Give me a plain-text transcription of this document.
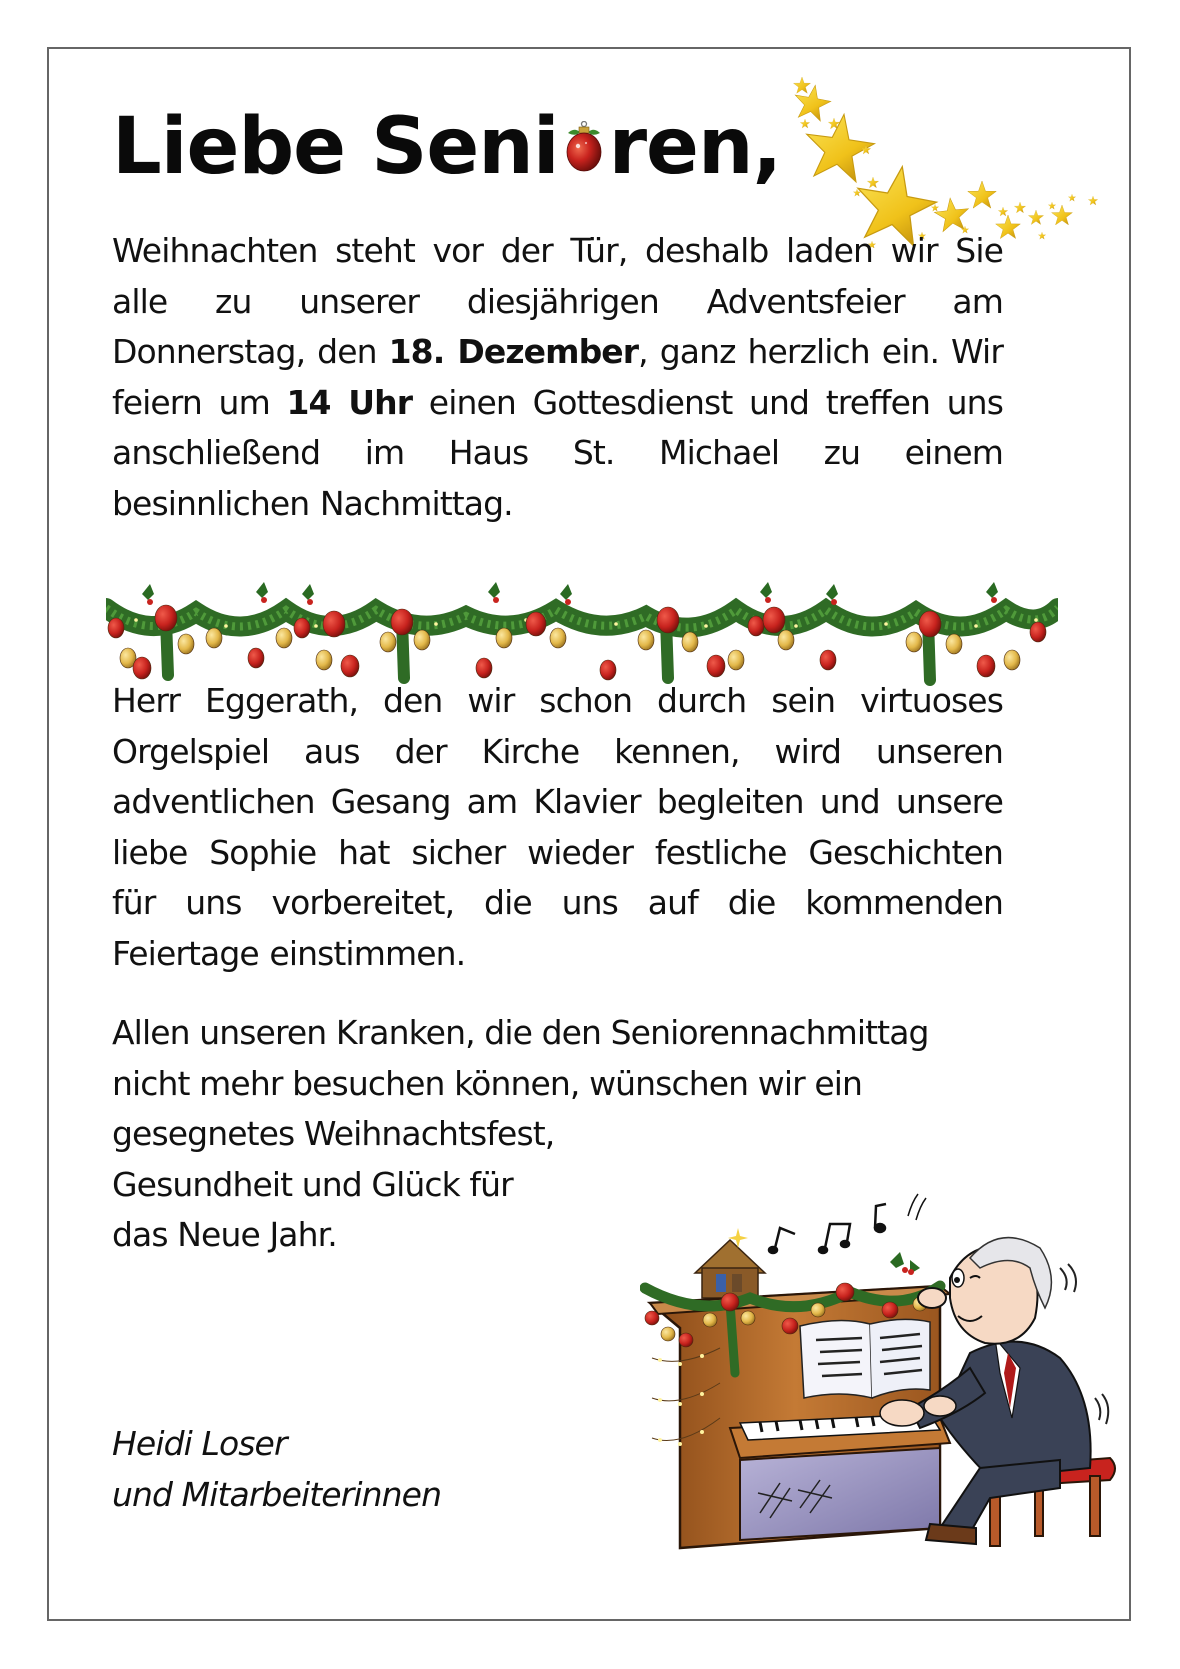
Liebe Seni ren,
Weihnachten steht vor der Tür, deshalb laden wir Sie
alle zu unserer diesjährigen Adventsfeier am
Donnerstag, den 18. Dezember, ganz herzlich ein. Wir
feiern um 14 Uhr einen Gottesdienst und treffen uns
anschließend im Haus St. Michael zu einem
besinnlichen Nachmittag.
Herr Eggerath, den wir schon durch sein virtuoses
Orgelspiel aus der Kirche kennen, wird unseren
adventlichen Gesang am Klavier begleiten und unsere
liebe Sophie hat sicher wieder festliche Geschichten
für uns vorbereitet, die uns auf die kommenden
Feiertage einstimmen.
Allen unseren Kranken, die den Seniorennachmittag
nicht mehr besuchen können, wünschen wir ein
gesegnetes Weihnachtsfest,
Gesundheit und Glück für
das Neue Jahr.
Heidi Loser
und Mitarbeiterinnen
